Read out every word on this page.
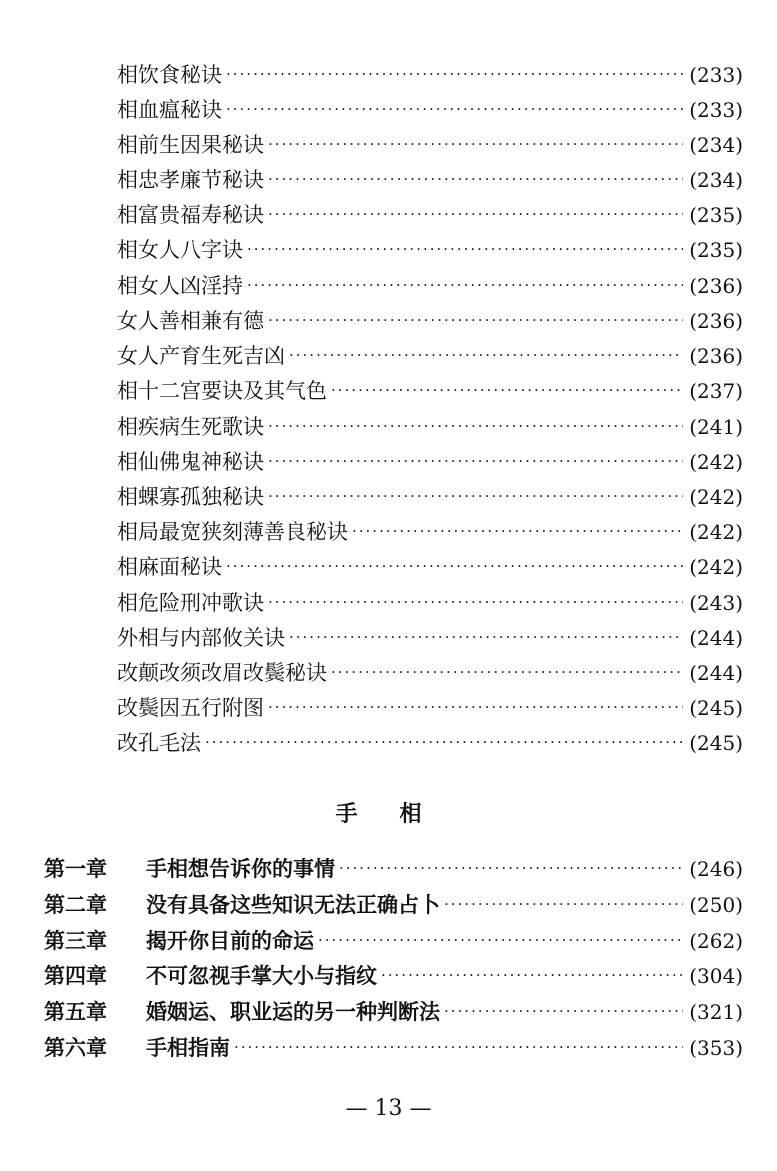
相饮食秘诀 ·····	(233)
相血瘟秘诀 ·····	(233)
相前生因果秘诀 ·····	(234)
相忠孝廉节秘诀 ·····	(234)
相富贵福寿秘诀 ·····	(235)
相女人八字诀 ·····	(235)
相女人凶淫持 ·····	(236)
女人善相兼有德 ·····	(236)
女人产育生死吉凶 ·····	(236)
相十二宫要诀及其气色 ·····	(237)
相疾病生死歌诀 ·····	(241)
相仙佛鬼神秘诀 ·····	(242)
相蜾寡孤独秘诀 ·····	(242)
相局最宽狭刻薄善良秘诀 ·····	(242)
相麻面秘诀 ·····	(242)
相危险刑冲歌诀 ·····	(243)
外相与内部攸关诀 ·····	(244)
改颠改须改眉改鬓秘诀 ·····	(244)
改鬓因五行附图 ·····	(245)
改孔毛法 ·····	(245)
手相
第一章	手相想告诉你的事情 ·····	(246)
第二章	没有具备这些知识无法正确占卜 ·····	(250)
第三章	揭开你目前的命运 ·····	(262)
第四章	不可忽视手掌大小与指纹 ·····	(304)
第五章	婚姻运、职业运的另一种判断法 ·····	(321)
第六章	手相指南 ·····	(353)
— 13 —
